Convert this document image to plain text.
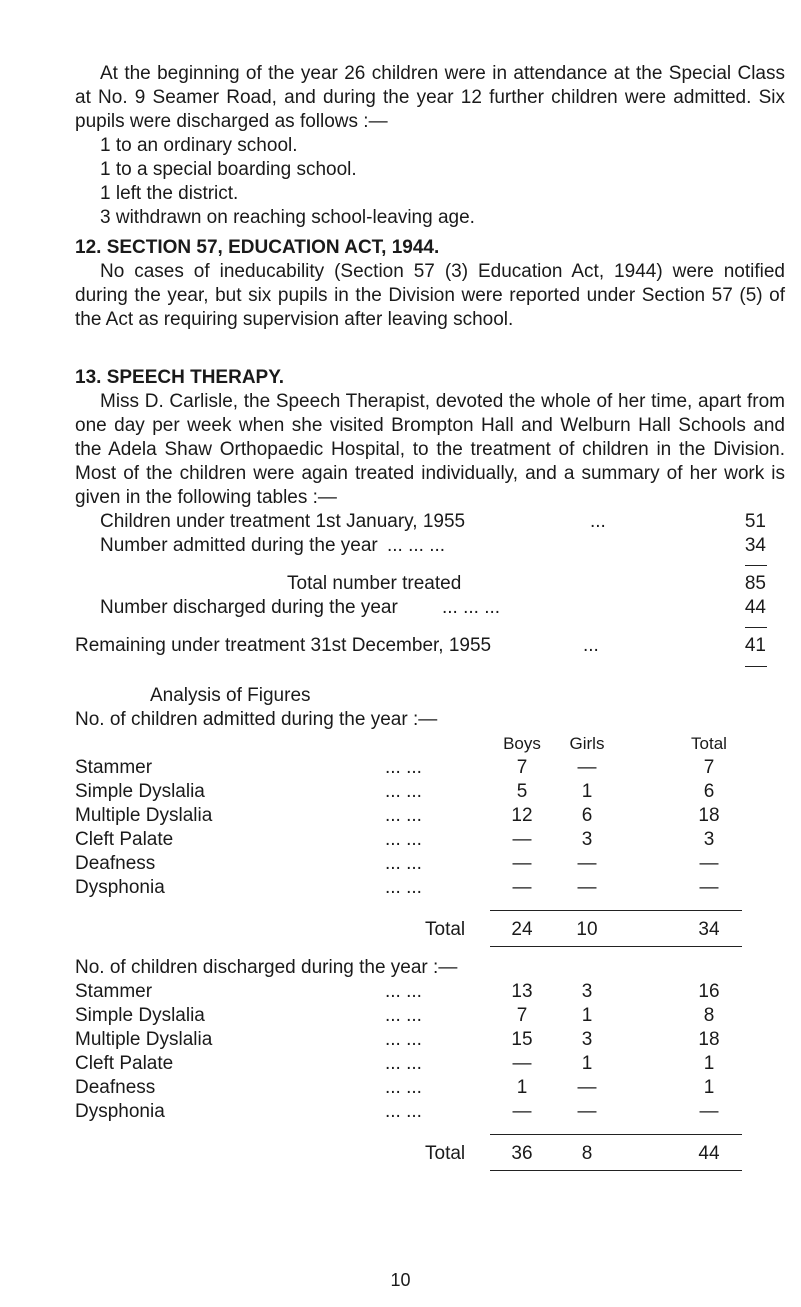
At the beginning of the year 26 children were in attendance at the Special Class at No. 9 Seamer Road, and during the year 12 further children were admitted. Six pupils were discharged as follows :—
1 to an ordinary school.
1 to a special boarding school.
1 left the district.
3 withdrawn on reaching school-leaving age.
12. SECTION 57, EDUCATION ACT, 1944.
No cases of ineducability (Section 57 (3) Education Act, 1944) were notified during the year, but six pupils in the Division were reported under Section 57 (5) of the Act as requiring supervision after leaving school.
13. SPEECH THERAPY.
Miss D. Carlisle, the Speech Therapist, devoted the whole of her time, apart from one day per week when she visited Brompton Hall and Welburn Hall Schools and the Adela Shaw Orthopaedic Hospital, to the treatment of children in the Division. Most of the children were again treated individually, and a summary of her work is given in the following tables :—
Children under treatment 1st January, 1955	...	51
Number admitted during the year ... ... ...	34
Total number treated	85
Number discharged during the year ... ... ...	44
Remaining under treatment 31st December, 1955	...	41
Analysis of Figures
No. of children admitted during the year :—
Boys	Girls	Total
Stammer	... ...	7	—	7
Simple Dyslalia	... ...	5	1	6
Multiple Dyslalia	... ...	12	6	18
Cleft Palate	... ...	—	3	3
Deafness	... ...	—	—	—
Dysphonia	... ...	—	—	—
Total	24	10	34
No. of children discharged during the year :—
Stammer	... ...	13	3	16
Simple Dyslalia	... ...	7	1	8
Multiple Dyslalia	... ...	15	3	18
Cleft Palate	... ...	—	1	1
Deafness	... ...	1	—	1
Dysphonia	... ...	—	—	—
Total	36	8	44
10
